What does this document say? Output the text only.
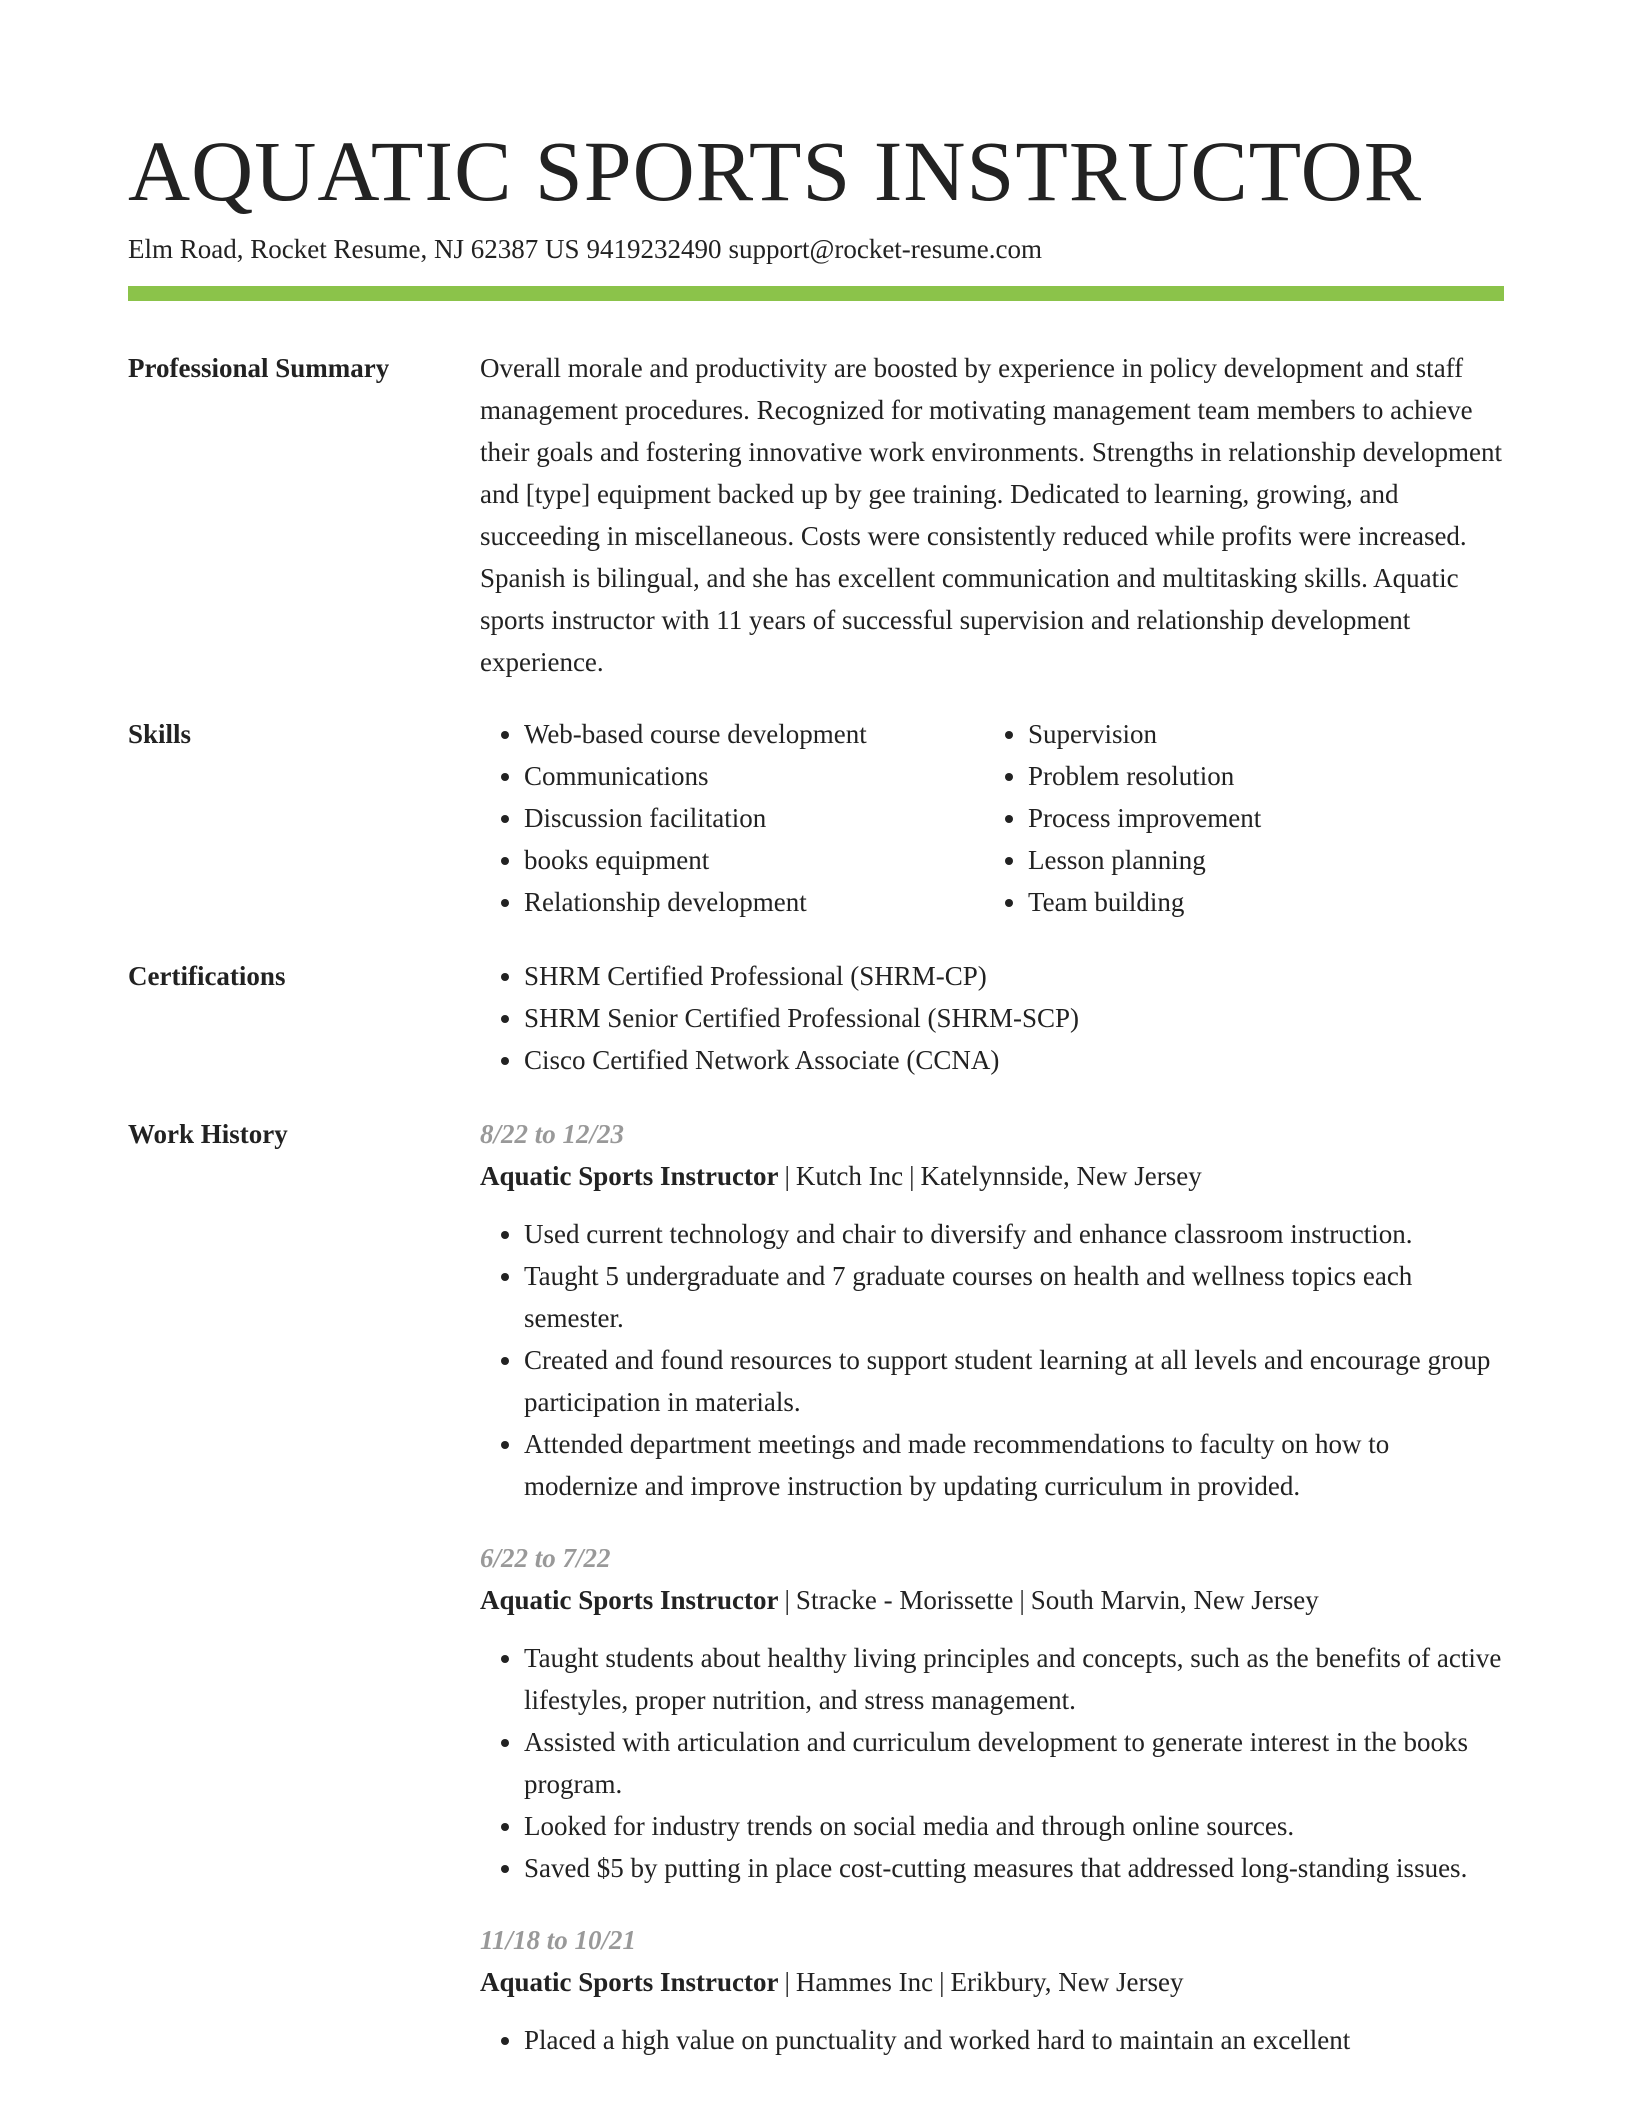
AQUATIC SPORTS INSTRUCTOR
Elm Road, Rocket Resume, NJ 62387 US 9419232490 support@rocket-resume.com
Professional Summary	Overall morale and productivity are boosted by experience in policy development and staff management procedures. Recognized for motivating management team members to achieve their goals and fostering innovative work environments. Strengths in relationship development and [type] equipment backed up by gee training. Dedicated to learning, growing, and succeeding in miscellaneous. Costs were consistently reduced while profits were increased. Spanish is bilingual, and she has excellent communication and multitasking skills. Aquatic sports instructor with 11 years of successful supervision and relationship development experience.

Skills	• Web-based course development
• Communications
• Discussion facilitation
• books equipment
• Relationship development
• Supervision
• Problem resolution
• Process improvement
• Lesson planning
• Team building
Certifications	• SHRM Certified Professional (SHRM-CP)
• SHRM Senior Certified Professional (SHRM-SCP)
• Cisco Certified Network Associate (CCNA)
Work History	8/22 to 12/23
Aquatic Sports Instructor | Kutch Inc | Katelynnside, New Jersey
• Used current technology and chair to diversify and enhance classroom instruction.
• Taught 5 undergraduate and 7 graduate courses on health and wellness topics each semester.
• Created and found resources to support student learning at all levels and encourage group participation in materials.
• Attended department meetings and made recommendations to faculty on how to modernize and improve instruction by updating curriculum in provided.
6/22 to 7/22
Aquatic Sports Instructor | Stracke - Morissette | South Marvin, New Jersey
• Taught students about healthy living principles and concepts, such as the benefits of active lifestyles, proper nutrition, and stress management.
• Assisted with articulation and curriculum development to generate interest in the books program.
• Looked for industry trends on social media and through online sources.
• Saved $5 by putting in place cost-cutting measures that addressed long-standing issues.
11/18 to 10/21
Aquatic Sports Instructor | Hammes Inc | Erikbury, New Jersey
• Placed a high value on punctuality and worked hard to maintain an excellent
